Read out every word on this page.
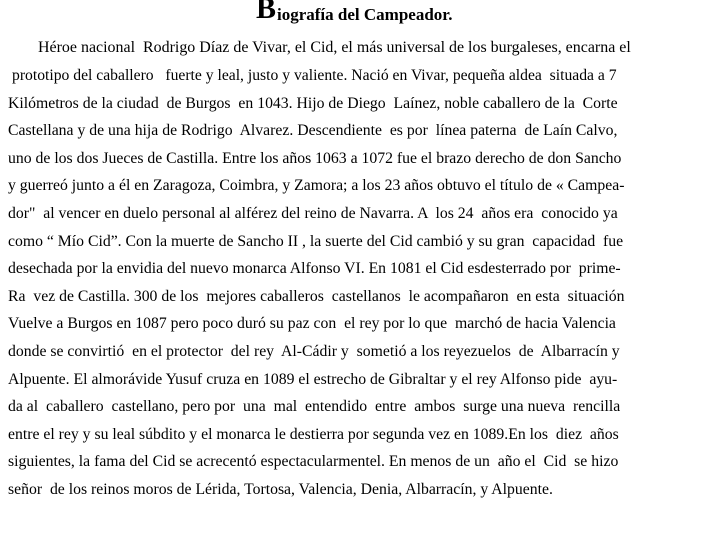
B iografía del Campeador.

Héroe nacional  Rodrigo Díaz de Vivar, el Cid, el más universal de los burgaleses, encarna el

prototipo del caballero   fuerte y leal, justo y valiente. Nació en Vivar, pequeña aldea  situada a 7

Kilómetros de la ciudad  de Burgos  en 1043. Hijo de Diego  Laínez, noble caballero de la  Corte

Castellana y de una hija de Rodrigo  Alvarez. Descendiente  es por  línea paterna  de Laín Calvo,

uno de los dos Jueces de Castilla. Entre los años 1063 a 1072 fue el brazo derecho de don Sancho

y guerreó junto a él en Zaragoza, Coimbra, y Zamora; a los 23 años obtuvo el título de « Campea-

dor"  al vencer en duelo personal al alférez del reino de Navarra. A  los 24  años era  conocido ya

como “ Mío Cid”. Con la muerte de Sancho II , la suerte del Cid cambió y su gran  capacidad  fue

desechada por la envidia del nuevo monarca Alfonso VI. En 1081 el Cid esdesterrado por  prime-

Ra  vez de Castilla. 300 de los  mejores caballeros  castellanos  le acompañaron  en esta  situación

Vuelve a Burgos en 1087 pero poco duró su paz con  el rey por lo que  marchó de hacia Valencia

donde se convirtió  en el protector  del rey  Al-Cádir y  sometió a los reyezuelos  de  Albarracín y

Alpuente. El almorávide Yusuf cruza en 1089 el estrecho de Gibraltar y el rey Alfonso pide  ayu-

da al  caballero  castellano, pero por  una  mal  entendido  entre  ambos  surge una nueva  rencilla

entre el rey y su leal súbdito y el monarca le destierra por segunda vez en 1089.En los  diez  años

siguientes, la fama del Cid se acrecentó espectacularmentel. En menos de un  año el  Cid  se hizo

señor  de los reinos moros de Lérida, Tortosa, Valencia, Denia, Albarracín, y Alpuente.
